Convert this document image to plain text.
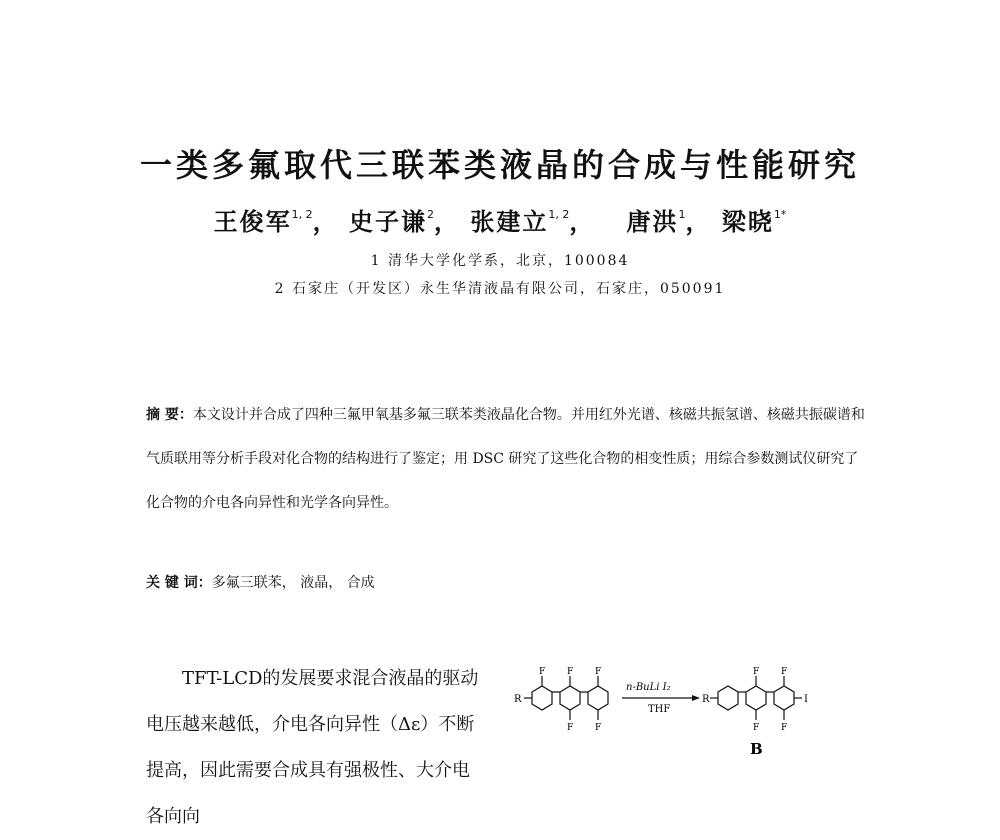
一类多氟取代三联苯类液晶的合成与性能研究
王俊军$^{1, 2}$， 史子谦$^2$， 张建立$^{1, 2}$， 唐洪$^1$， 梁晓$^{1*}$
1 清华大学化学系，北京，100084
2 石家庄（开发区）永生华清液晶有限公司，石家庄，050091
摘 要：本文设计并合成了四种三氟甲氧基多氟三联苯类液晶化合物。并用红外光谱、核磁共振氢谱、核磁共振碳谱和气质联用等分析手段对化合物的结构进行了鉴定；用 DSC 研究了这些化合物的相变性质；用综合参数测试仪研究了化合物的介电各向异性和光学各向异性。
关 键 词：多氟三联苯， 液晶， 合成
TFT-LCD的发展要求混合液晶的驱动电压越来越低，介电各向异性（Δε）不断提高，因此需要合成具有强极性、大介电各向向
R
F F
F
F
F
n-BuLi I₂
THF
R
F
F
F
F
I
B
